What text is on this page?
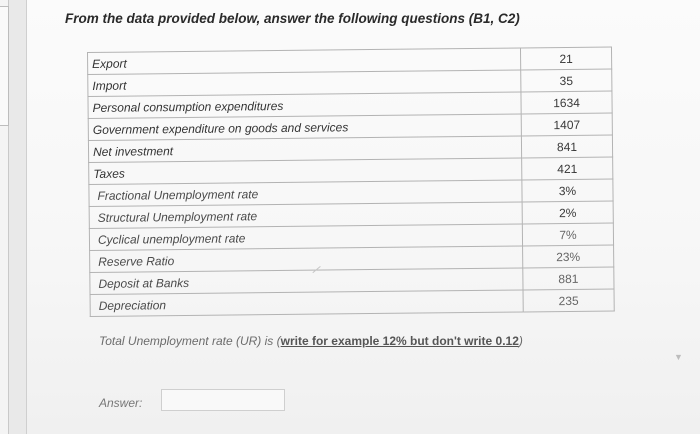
From the data provided below, answer the following questions (B1, C2)
Export	21
Import	35
Personal consumption expenditures	1634
Government expenditure on goods and services	1407
Net investment	841
Taxes	421
Fractional Unemployment rate	3%
Structural Unemployment rate	2%
Cyclical unemployment rate	7%
Reserve Ratio	23%
Deposit at Banks	881
Depreciation	235
Total Unemployment rate (UR) is (write for example 12% but don't write 0.12)
▼
Answer:
